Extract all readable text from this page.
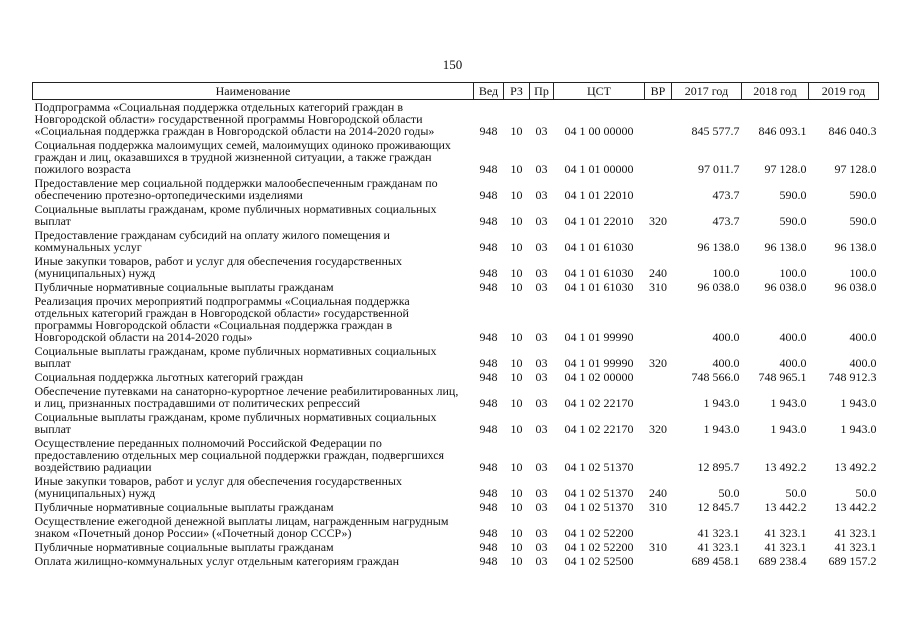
150
Наименование	Вед	РЗ	Пр	ЦСТ	ВР	2017 год	2018 год	2019 год
Подпрограмма «Социальная поддержка отдельных категорий граждан в Новгородской области» государственной программы Новгородской области «Социальная поддержка граждан в Новгородской области на 2014-2020 годы»	948	10	03	04 1 00 00000		845 577.7	846 093.1	846 040.3
Социальная поддержка малоимущих семей, малоимущих одиноко проживающих граждан и лиц, оказавшихся в трудной жизненной ситуации, а также граждан пожилого возраста	948	10	03	04 1 01 00000		97 011.7	97 128.0	97 128.0
Предоставление мер социальной поддержки малообеспеченным гражданам по обеспечению протезно-ортопедическими изделиями	948	10	03	04 1 01 22010		473.7	590.0	590.0
Социальные выплаты гражданам, кроме публичных нормативных социальных выплат	948	10	03	04 1 01 22010	320	473.7	590.0	590.0
Предоставление гражданам субсидий на оплату жилого помещения и коммунальных услуг	948	10	03	04 1 01 61030		96 138.0	96 138.0	96 138.0
Иные закупки товаров, работ и услуг для обеспечения государственных (муниципальных) нужд	948	10	03	04 1 01 61030	240	100.0	100.0	100.0
Публичные нормативные социальные выплаты гражданам	948	10	03	04 1 01 61030	310	96 038.0	96 038.0	96 038.0
Реализация прочих мероприятий подпрограммы «Социальная поддержка отдельных категорий граждан в Новгородской области» государственной программы Новгородской области «Социальная поддержка граждан в Новгородской области на 2014-2020 годы»	948	10	03	04 1 01 99990		400.0	400.0	400.0
Социальные выплаты гражданам, кроме публичных нормативных социальных выплат	948	10	03	04 1 01 99990	320	400.0	400.0	400.0
Социальная поддержка льготных категорий граждан	948	10	03	04 1 02 00000		748 566.0	748 965.1	748 912.3
Обеспечение путевками на санаторно-курортное лечение реабилитированных лиц, и лиц, признанных пострадавшими от политических репрессий	948	10	03	04 1 02 22170		1 943.0	1 943.0	1 943.0
Социальные выплаты гражданам, кроме публичных нормативных социальных выплат	948	10	03	04 1 02 22170	320	1 943.0	1 943.0	1 943.0
Осуществление переданных полномочий Российской Федерации по предоставлению отдельных мер социальной поддержки граждан, подвергшихся воздействию радиации	948	10	03	04 1 02 51370		12 895.7	13 492.2	13 492.2
Иные закупки товаров, работ и услуг для обеспечения государственных (муниципальных) нужд	948	10	03	04 1 02 51370	240	50.0	50.0	50.0
Публичные нормативные социальные выплаты гражданам	948	10	03	04 1 02 51370	310	12 845.7	13 442.2	13 442.2
Осуществление ежегодной денежной выплаты лицам, награжденным нагрудным знаком «Почетный донор России» («Почетный донор СССР»)	948	10	03	04 1 02 52200		41 323.1	41 323.1	41 323.1
Публичные нормативные социальные выплаты гражданам	948	10	03	04 1 02 52200	310	41 323.1	41 323.1	41 323.1
Оплата жилищно-коммунальных услуг отдельным категориям граждан	948	10	03	04 1 02 52500		689 458.1	689 238.4	689 157.2
